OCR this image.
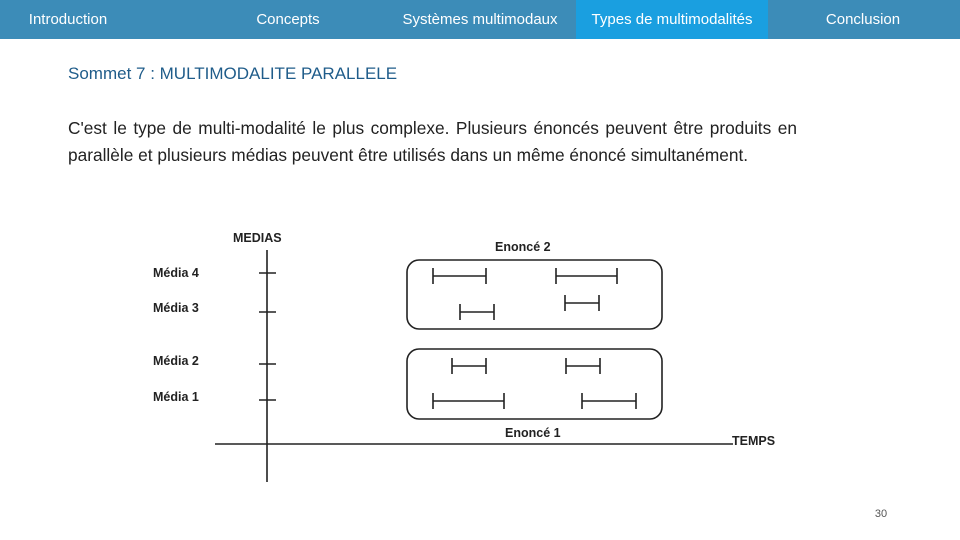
Introduction	Concepts	Systèmes multimodaux	Types de multimodalités	Conclusion
Sommet 7 : MULTIMODALITE PARALLELE
C'est le type de multi-modalité le plus complexe. Plusieurs énoncés peuvent être produits en parallèle et plusieurs médias peuvent être utilisés dans un même énoncé simultanément.
MEDIAS
TEMPS
Enoncé 2
Enoncé 1
Média 4
Média 3
Média 2
Média 1
30
